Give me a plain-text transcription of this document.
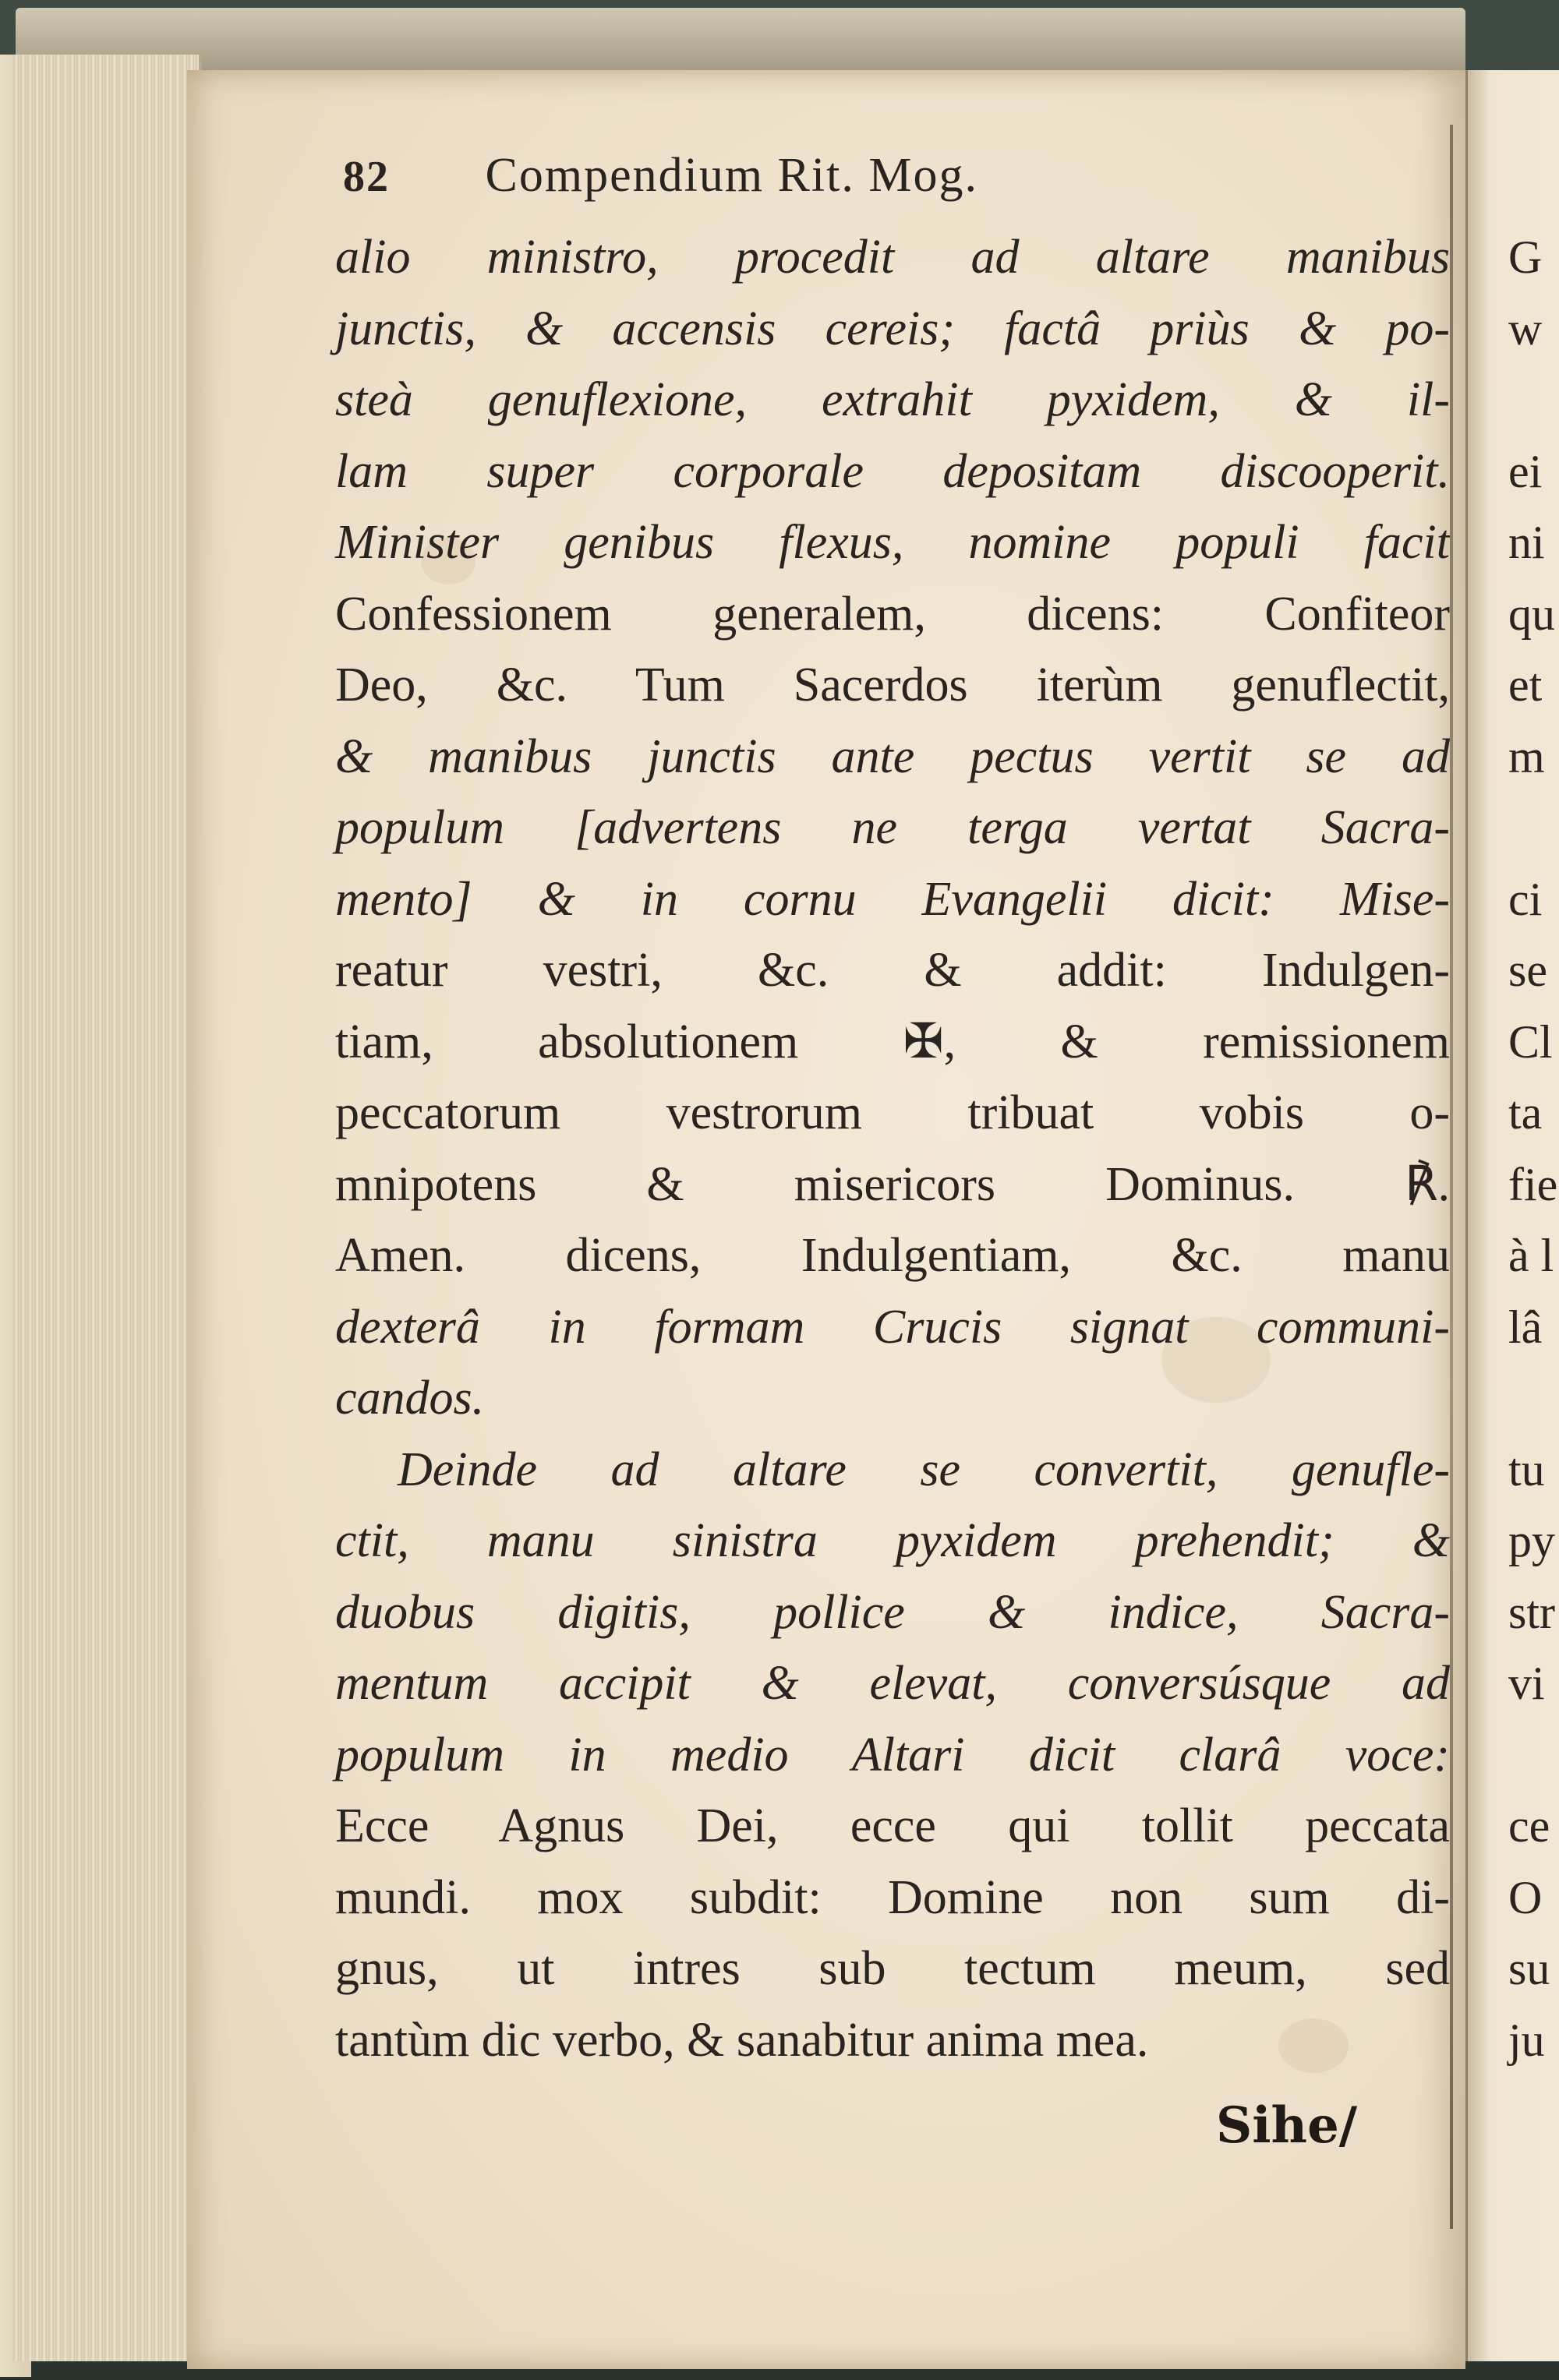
82 Compendium Rit. Mog.
alio ministro, procedit ad altare manibus
junctis, & accensis cereis; factâ priùs & po-
steà genuflexione, extrahit pyxidem, & il-
lam super corporale depositam discooperit.
Minister genibus flexus, nomine populi facit
Confessionem generalem, dicens: Confiteor
Deo, &c. Tum Sacerdos iterùm genuflectit,
& manibus junctis ante pectus vertit se ad
populum [advertens ne terga vertat Sacra-
mento] & in cornu Evangelii dicit: Mise-
reatur vestri, &c. & addit: Indulgen-
tiam, absolutionem ✠, & remissionem
peccatorum vestrorum tribuat vobis o-
mnipotens & misericors Dominus. ℟.
Amen. dicens, Indulgentiam, &c. manu
dexterâ in formam Crucis signat communi-
candos.
Deinde ad altare se convertit, genufle-
ctit, manu sinistra pyxidem prehendit; &
duobus digitis, pollice & indice, Sacra-
mentum accipit & elevat, conversúsque ad
populum in medio Altari dicit clarâ voce:
Ecce Agnus Dei, ecce qui tollit peccata
mundi. mox subdit: Domine non sum di-
gnus, ut intres sub tectum meum, sed
tantùm dic verbo, & sanabitur anima mea.
Sihe/
G
w
ei
ni
qu
et
m
ci
se
Cl
ta
fie
à l
lâ
tu
py
str
vi
ce
O
su
ju
